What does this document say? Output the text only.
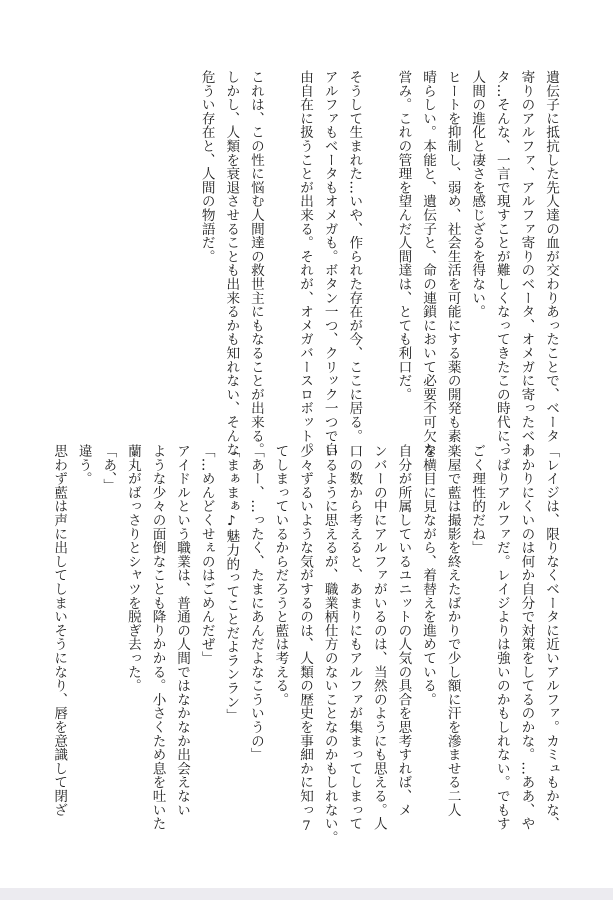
遺伝子に抵抗した先人達の血が交わりあったことで、ベータ
寄りのアルファ、アルファ寄りのベータ、オメガに寄ったベー
タ…そんな、一言で現すことが難しくなってきたこの時代に、
人間の進化と凄さを感じざるを得ない。
ヒートを抑制し、弱め、社会生活を可能にする薬の開発も素
晴らしい。本能と、遺伝子と、命の連鎖において必要不可欠な
営み。これの管理を望んだ人間達は、とても利口だ。
そうして生まれた…いや、作られた存在が今、ここに居る。
アルファもベータもオメガも。ボタン一つ、クリック一つで自
由自在に扱うことが出来る。それが、オメガバースロボット。
これは、この性に悩む人間達の救世主にもなることが出来る。
しかし、人類を衰退させることも出来るかも知れない、そんな
危うい存在と、人間の物語だ。
「レイジは、限りなくベータに近いアルファ。カミュもかな、
わかりにくいのは何か自分で対策をしてるのかな。…ああ、や
っぱりアルファだ。レイジよりは強いのかもしれない。でもす
ごく理性的だね」
楽屋で藍は撮影を終えたばかりで少し額に汗を滲ませる二人
を横目に見ながら、着替えを進めている。
自分が所属しているユニットの人気の具合を思考すれば、メ
ンバーの中にアルファがいるのは、当然のようにも思える。人
口の数から考えると、あまりにもアルファが集まってしまって
いるように思えるが、職業柄仕方のないことなのかもしれない。
少々ずるいような気がするのは、人類の歴史を事細かに知っ
てしまっているからだろうと藍は考える。
「あー、…ったく、たまにあんだよなこういうの」
「まぁまぁ♪魅力的ってことだよランラン」
「…めんどくせぇのはごめんだぜ」
アイドルという職業は、普通の人間ではなかなか出会えない
ような少々の面倒なことも降りかかる。小さくため息を吐いた
蘭丸がばっさりとシャツを脱ぎ去った。
「あ、」
違う。
思わず藍は声に出してしまいそうになり、唇を意識して閉ざ
7
